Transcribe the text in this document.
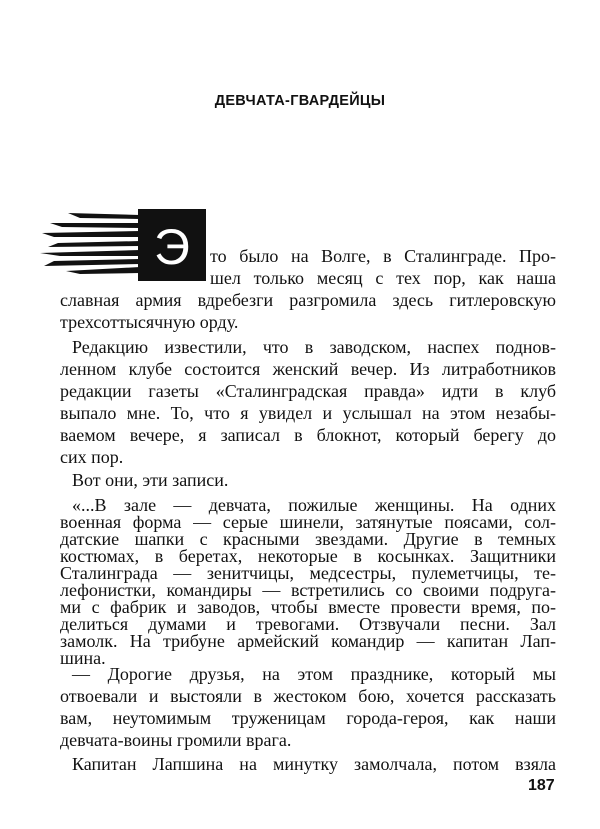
ДЕВЧАТА-ГВАРДЕЙЦЫ
Э то было на Волге, в Сталинграде. Про-
шел только месяц с тех пор, как наша
славная армия вдребезги разгромила здесь гитлеровскую
трехсоттысячную орду.
Редакцию известили, что в заводском, наспех поднов-
ленном клубе состоится женский вечер. Из литработников
редакции газеты «Сталинградская правда» идти в клуб
выпало мне. То, что я увидел и услышал на этом незабы-
ваемом вечере, я записал в блокнот, который берегу до
сих пор.
Вот они, эти записи.
«...В зале — девчата, пожилые женщины. На одних
военная форма — серые шинели, затянутые поясами, сол-
датские шапки с красными звездами. Другие в темных
костюмах, в беретах, некоторые в косынках. Защитники
Сталинграда — зенитчицы, медсестры, пулеметчицы, те-
лефонистки, командиры — встретились со своими подруга-
ми с фабрик и заводов, чтобы вместе провести время, по-
делиться думами и тревогами. Отзвучали песни. Зал
замолк. На трибуне армейский командир — капитан Лап-
шина.
187
— Дорогие друзья, на этом празднике, который мы
отвоевали и выстояли в жестоком бою, хочется рассказать
вам, неутомимым труженицам города-героя, как наши
девчата-воины громили врага.
Капитан Лапшина на минутку замолчала, потом взяла
